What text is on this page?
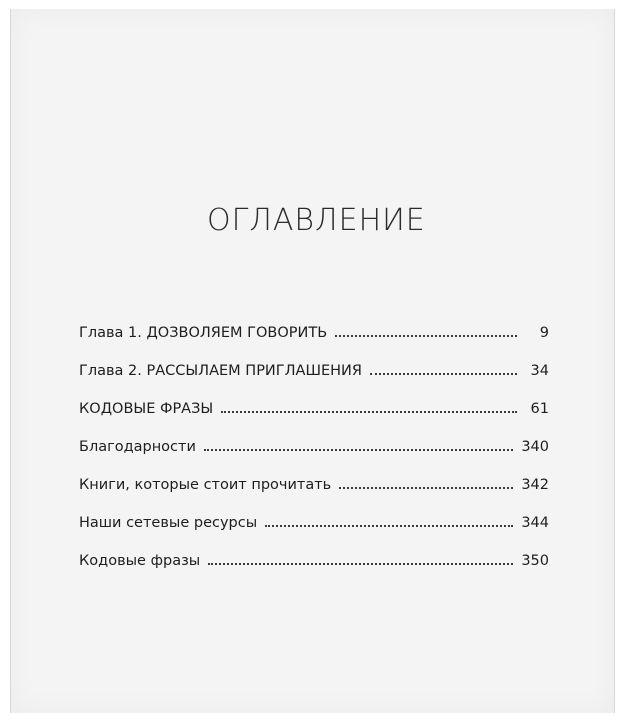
ОГЛАВЛЕНИЕ
Глава 1. ДОЗВОЛЯЕМ ГОВОРИТЬ	9
Глава 2. РАССЫЛАЕМ ПРИГЛАШЕНИЯ	34
КОДОВЫЕ ФРАЗЫ	61
Благодарности	340
Книги, которые стоит прочитать	342
Наши сетевые ресурсы	344
Кодовые фразы	350
